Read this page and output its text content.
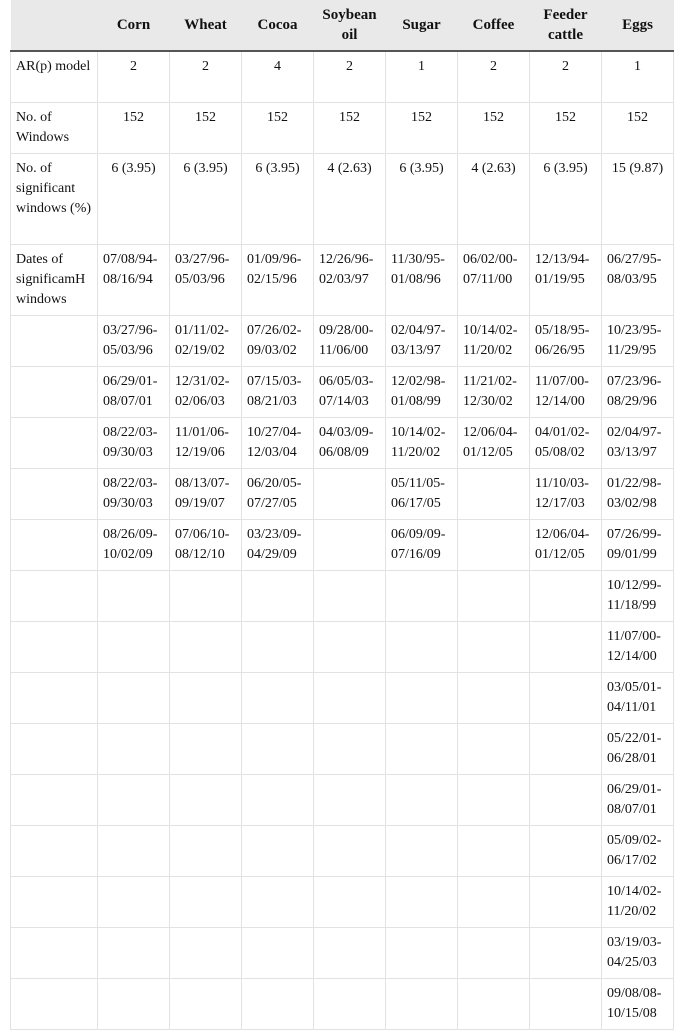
	Corn	Wheat	Cocoa	Soybean oil	Sugar	Coffee	Feeder cattle	Eggs
AR(p) model	2	2	4	2	1	2	2	1
No. of Windows	152	152	152	152	152	152	152	152
No. of significant windows (%)	6 (3.95)	6 (3.95)	6 (3.95)	4 (2.63)	6 (3.95)	4 (2.63)	6 (3.95)	15 (9.87)
Dates of significamH windows	07/08/94-08/16/94	03/27/96-05/03/96	01/09/96-02/15/96	12/26/96-02/03/97	11/30/95-01/08/96	06/02/00-07/11/00	12/13/94-01/19/95	06/27/95-08/03/95
	03/27/96-05/03/96	01/11/02-02/19/02	07/26/02-09/03/02	09/28/00-11/06/00	02/04/97-03/13/97	10/14/02-11/20/02	05/18/95-06/26/95	10/23/95-11/29/95
	06/29/01-08/07/01	12/31/02-02/06/03	07/15/03-08/21/03	06/05/03-07/14/03	12/02/98-01/08/99	11/21/02-12/30/02	11/07/00-12/14/00	07/23/96-08/29/96
	08/22/03-09/30/03	11/01/06-12/19/06	10/27/04-12/03/04	04/03/09-06/08/09	10/14/02-11/20/02	12/06/04-01/12/05	04/01/02-05/08/02	02/04/97-03/13/97
	08/22/03-09/30/03	08/13/07-09/19/07	06/20/05-07/27/05		05/11/05-06/17/05		11/10/03-12/17/03	01/22/98-03/02/98
	08/26/09-10/02/09	07/06/10-08/12/10	03/23/09-04/29/09		06/09/09-07/16/09		12/06/04-01/12/05	07/26/99-09/01/99
								10/12/99-11/18/99
								11/07/00-12/14/00
								03/05/01-04/11/01
								05/22/01-06/28/01
								06/29/01-08/07/01
								05/09/02-06/17/02
								10/14/02-11/20/02
								03/19/03-04/25/03
								09/08/08-10/15/08
